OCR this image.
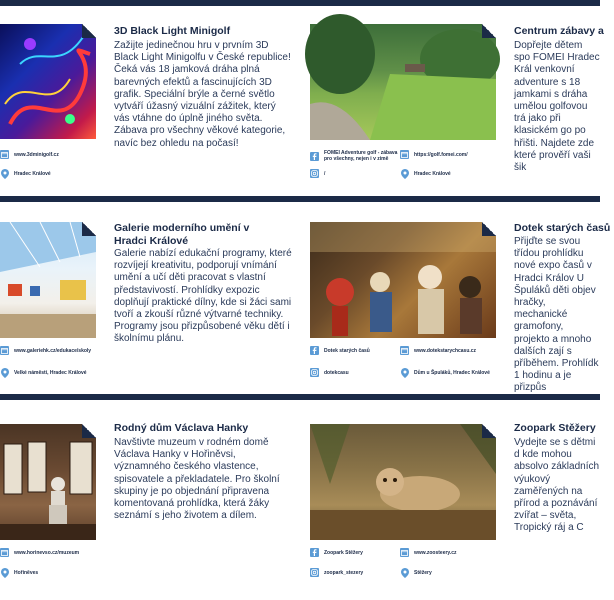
3D Black Light Minigolf
Zažijte jedinečnou hru v prvním 3D Black Light Minigolfu v České republice! Čeká vás 18 jamková dráha plná barevných efektů a fascinujících 3D grafik. Speciální brýle a černé světlo vytváří úžasný vizuální zážitek, který vás vtáhne do úplně jiného světa. Zábava pro všechny věkové kategorie, navíc bez ohledu na počasí!
www.3dminigolf.cz
Hradec Králové
Centrum zábavy a
Dopřejte dětem spo FOMEI Hradec Král venkovní adventure s 18 jamkami s dráha umělou golfovou trá jako při klasickém go po hřišti. Najdete zde které prověří vaši šik
FOMEI Adventure golf - zábava pro všechny, nejen i v zimě
https://golf.fomei.com/
/	Hradec Králové
Galerie moderního umění v Hradci Králové
Galerie nabízí edukační programy, které rozvíjejí kreativitu, podporují vnímání umění a učí děti pracovat s vlastní představivostí. Prohlídky expozic doplňují praktické dílny, kde si žáci sami tvoří a zkouší různé výtvarné techniky. Programy jsou přizpůsobené věku dětí i školnímu plánu.
www.galeriehk.cz/edukace/skoly
Velké náměstí, Hradec Králové
Dotek starých časů
Přijďte se svou třídou prohlídku nové expo časů v Hradci Králov U Špuláků děti objev hračky, mechanické gramofony, projekto a mnoho dalších zají s příběhem. Prohlídk 1 hodinu a je přizpůs
Dotek starých časů	www.dotekstarychcasu.cz
dotekcasu	Dům u Špuláků, Hradec Králové
Rodný dům Václava Hanky
Navštivte muzeum v rodném domě Václava Hanky v Hořiněvsi, významného českého vlastence, spisovatele a překladatele. Pro školní skupiny je po objednání připravena komentovaná prohlídka, která žáky seznámí s jeho životem a dílem.
www.horinevso.cz/muzeum
Hořiněves
Zoopark Stěžery
Vydejte se s dětmi d kde mohou absolvo základních výukový zaměřených na přírod a poznávání zvířat – světa, Tropický ráj a C
Zoopark Stěžery	www.zoosteery.cz
zoopark_stezery	Stěžery
